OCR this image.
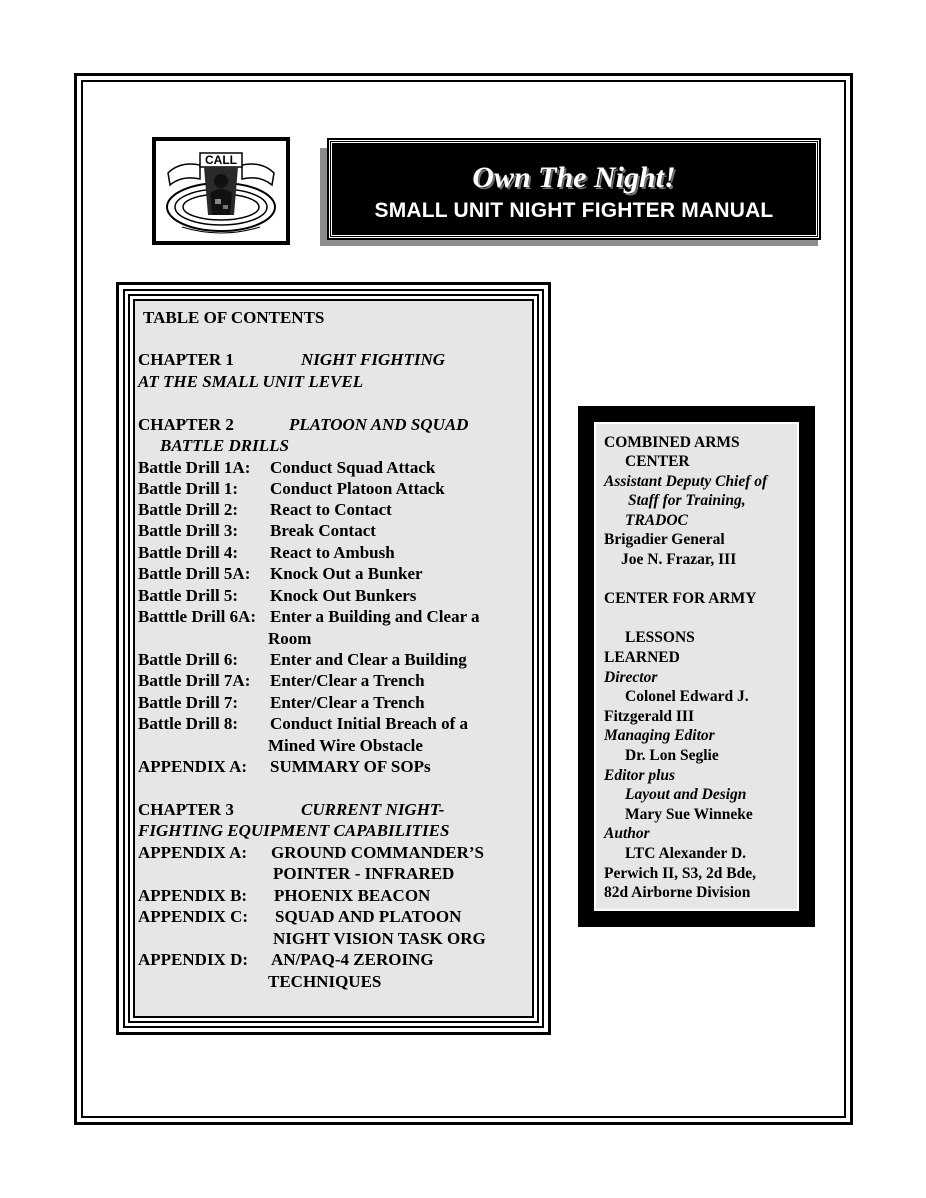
CALL
Own The Night!
SMALL UNIT NIGHT FIGHTER MANUAL
TABLE OF CONTENTS
CHAPTER 1	NIGHT FIGHTING
AT THE SMALL UNIT LEVEL
CHAPTER 2	PLATOON AND SQUAD
BATTLE DRILLS
Battle Drill 1A: Conduct Squad Attack
Battle Drill 1: Conduct Platoon Attack
Battle Drill 2: React to Contact
Battle Drill 3: Break Contact
Battle Drill 4: React to Ambush
Battle Drill 5A: Knock Out a Bunker
Battle Drill 5: Knock Out Bunkers
Batttle Drill 6A: Enter a Building and Clear a
Room
Battle Drill 6: Enter and Clear a Building
Battle Drill 7A: Enter/Clear a Trench
Battle Drill 7: Enter/Clear a Trench
Battle Drill 8: Conduct Initial Breach of a
Mined Wire Obstacle
APPENDIX A: SUMMARY OF SOPs
CHAPTER 3	CURRENT NIGHT-
FIGHTING EQUIPMENT CAPABILITIES
APPENDIX A: GROUND COMMANDER’S
POINTER - INFRARED
APPENDIX B: PHOENIX BEACON
APPENDIX C: SQUAD AND PLATOON
NIGHT VISION TASK ORG
APPENDIX D: AN/PAQ-4 ZEROING
TECHNIQUES
COMBINED ARMS
CENTER
Assistant Deputy Chief of
Staff for Training,
TRADOC
Brigadier General
Joe N. Frazar, III
CENTER FOR ARMY
LESSONS
LEARNED
Director
Colonel Edward J.
Fitzgerald III
Managing Editor
Dr. Lon Seglie
Editor plus
Layout and Design
Mary Sue Winneke
Author
LTC Alexander D.
Perwich II, S3, 2d Bde,
82d Airborne Division
